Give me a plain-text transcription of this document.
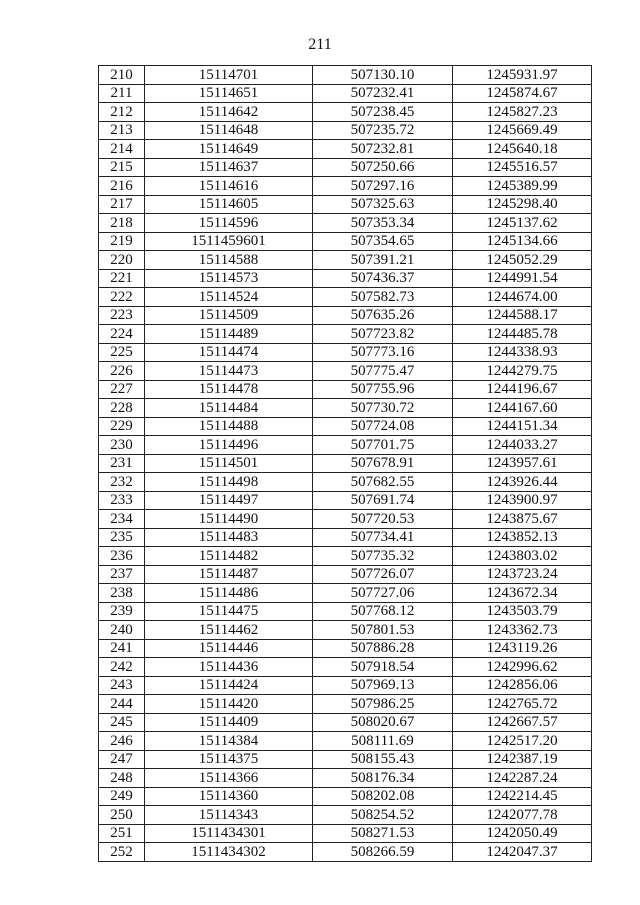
211
210	15114701	507130.10	1245931.97
211	15114651	507232.41	1245874.67
212	15114642	507238.45	1245827.23
213	15114648	507235.72	1245669.49
214	15114649	507232.81	1245640.18
215	15114637	507250.66	1245516.57
216	15114616	507297.16	1245389.99
217	15114605	507325.63	1245298.40
218	15114596	507353.34	1245137.62
219	1511459601	507354.65	1245134.66
220	15114588	507391.21	1245052.29
221	15114573	507436.37	1244991.54
222	15114524	507582.73	1244674.00
223	15114509	507635.26	1244588.17
224	15114489	507723.82	1244485.78
225	15114474	507773.16	1244338.93
226	15114473	507775.47	1244279.75
227	15114478	507755.96	1244196.67
228	15114484	507730.72	1244167.60
229	15114488	507724.08	1244151.34
230	15114496	507701.75	1244033.27
231	15114501	507678.91	1243957.61
232	15114498	507682.55	1243926.44
233	15114497	507691.74	1243900.97
234	15114490	507720.53	1243875.67
235	15114483	507734.41	1243852.13
236	15114482	507735.32	1243803.02
237	15114487	507726.07	1243723.24
238	15114486	507727.06	1243672.34
239	15114475	507768.12	1243503.79
240	15114462	507801.53	1243362.73
241	15114446	507886.28	1243119.26
242	15114436	507918.54	1242996.62
243	15114424	507969.13	1242856.06
244	15114420	507986.25	1242765.72
245	15114409	508020.67	1242667.57
246	15114384	508111.69	1242517.20
247	15114375	508155.43	1242387.19
248	15114366	508176.34	1242287.24
249	15114360	508202.08	1242214.45
250	15114343	508254.52	1242077.78
251	1511434301	508271.53	1242050.49
252	1511434302	508266.59	1242047.37
